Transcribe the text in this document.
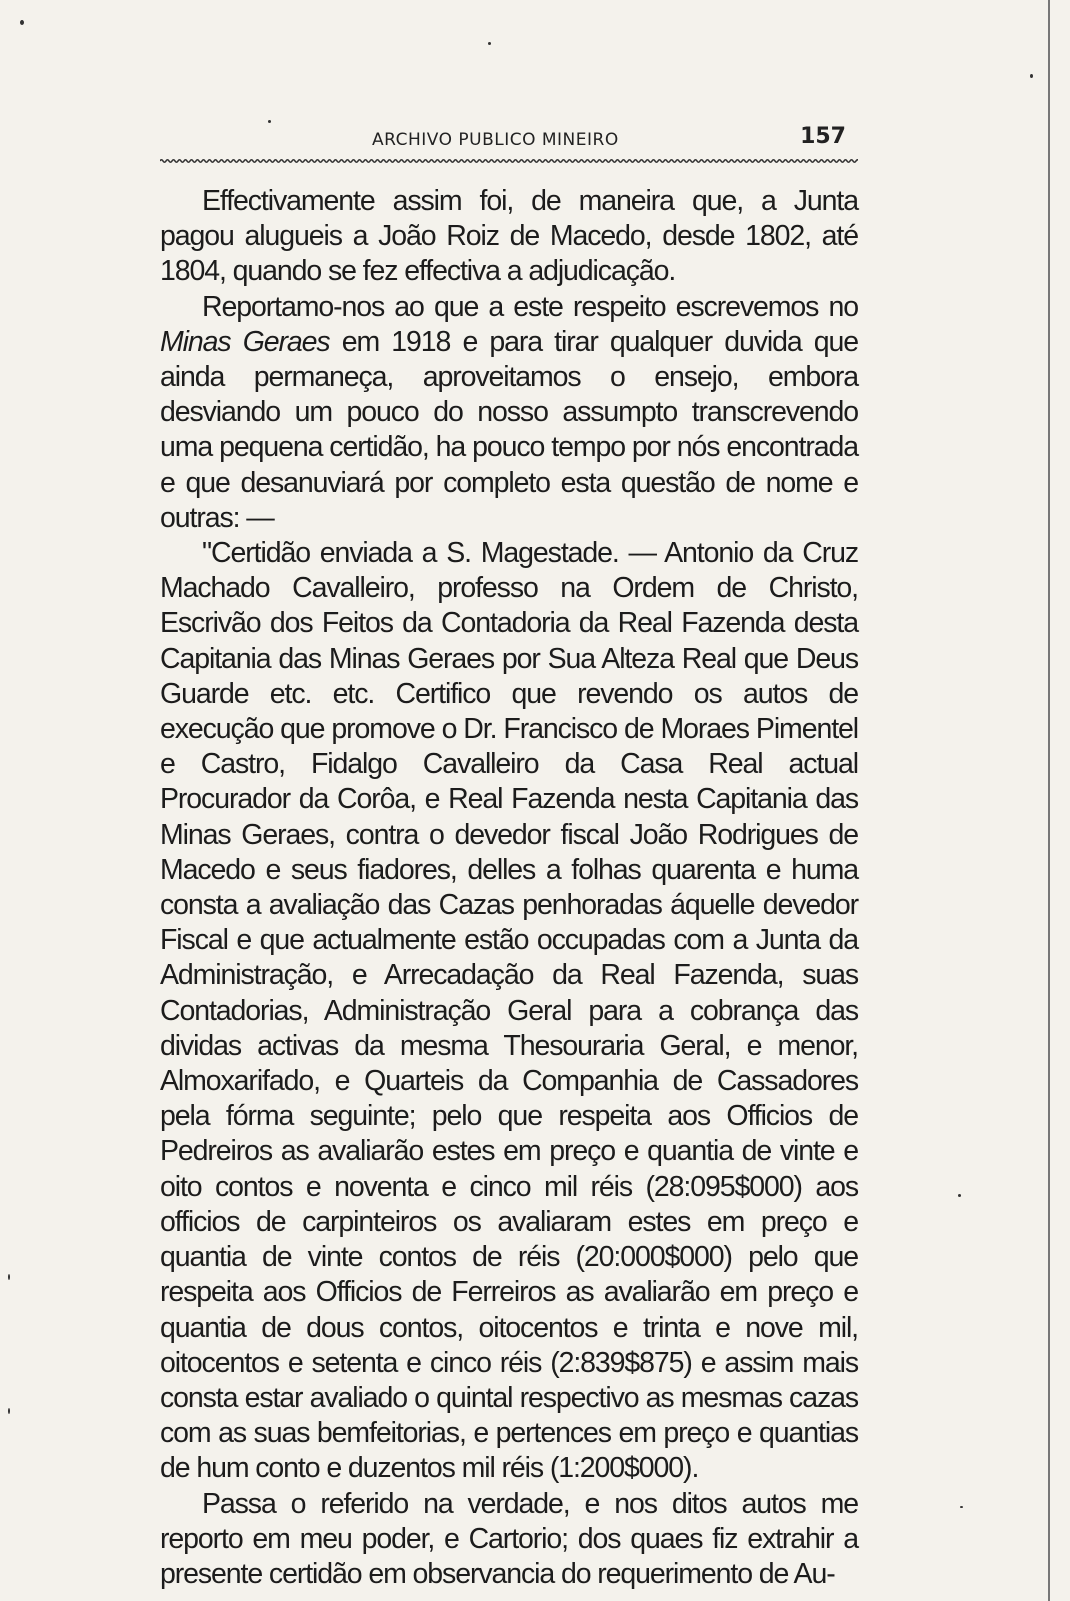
ARCHIVO PUBLICO MINEIRO	157

Effectivamente assim foi, de maneira que, a Junta pagou alugueis a João Roiz de Macedo, desde 1802, até 1804, quando se fez effectiva a adjudicação.

Reportamo-nos ao que a este respeito escrevemos no Minas Geraes em 1918 e para tirar qualquer duvida que ainda permaneça, aproveitamos o ensejo, embora desviando um pouco do nosso assumpto transcrevendo uma pequena certidão, ha pouco tempo por nós encontrada e que desanuviará por completo esta questão de nome e outras: —

"Certidão enviada a S. Magestade. — Antonio da Cruz Machado Cavalleiro, professo na Ordem de Christo, Escrivão dos Feitos da Contadoria da Real Fazenda desta Capitania das Minas Geraes por Sua Alteza Real que Deus Guarde etc. etc. Certifico que revendo os autos de execução que promove o Dr. Francisco de Moraes Pimentel e Castro, Fidalgo Cavalleiro da Casa Real actual Procurador da Corôa, e Real Fazenda nesta Capitania das Minas Geraes, contra o devedor fiscal João Rodrigues de Macedo e seus fiadores, delles a folhas quarenta e huma consta a avaliação das Cazas penhoradas áquelle devedor Fiscal e que actualmente estão occupadas com a Junta da Administração, e Arrecadação da Real Fazenda, suas Contadorias, Administração Geral para a cobrança das dividas activas da mesma Thesouraria Geral, e menor, Almoxarifado, e Quarteis da Companhia de Cassadores pela fórma seguinte; pelo que respeita aos Officios de Pedreiros as avaliarão estes em preço e quantia de vinte e oito contos e noventa e cinco mil réis (28:095$000) aos officios de carpinteiros os avaliaram estes em preço e quantia de vinte contos de réis (20:000$000) pelo que respeita aos Officios de Ferreiros as avaliarão em preço e quantia de dous contos, oitocentos e trinta e nove mil, oitocentos e setenta e cinco réis (2:839$875) e assim mais consta estar avaliado o quintal respectivo as mesmas cazas com as suas bemfeitorias, e pertences em preço e quantias de hum conto e duzentos mil réis (1:200$000).

Passa o referido na verdade, e nos ditos autos me reporto em meu poder, e Cartorio; dos quaes fiz extrahir a presente certidão em observancia do requerimento de Au-
